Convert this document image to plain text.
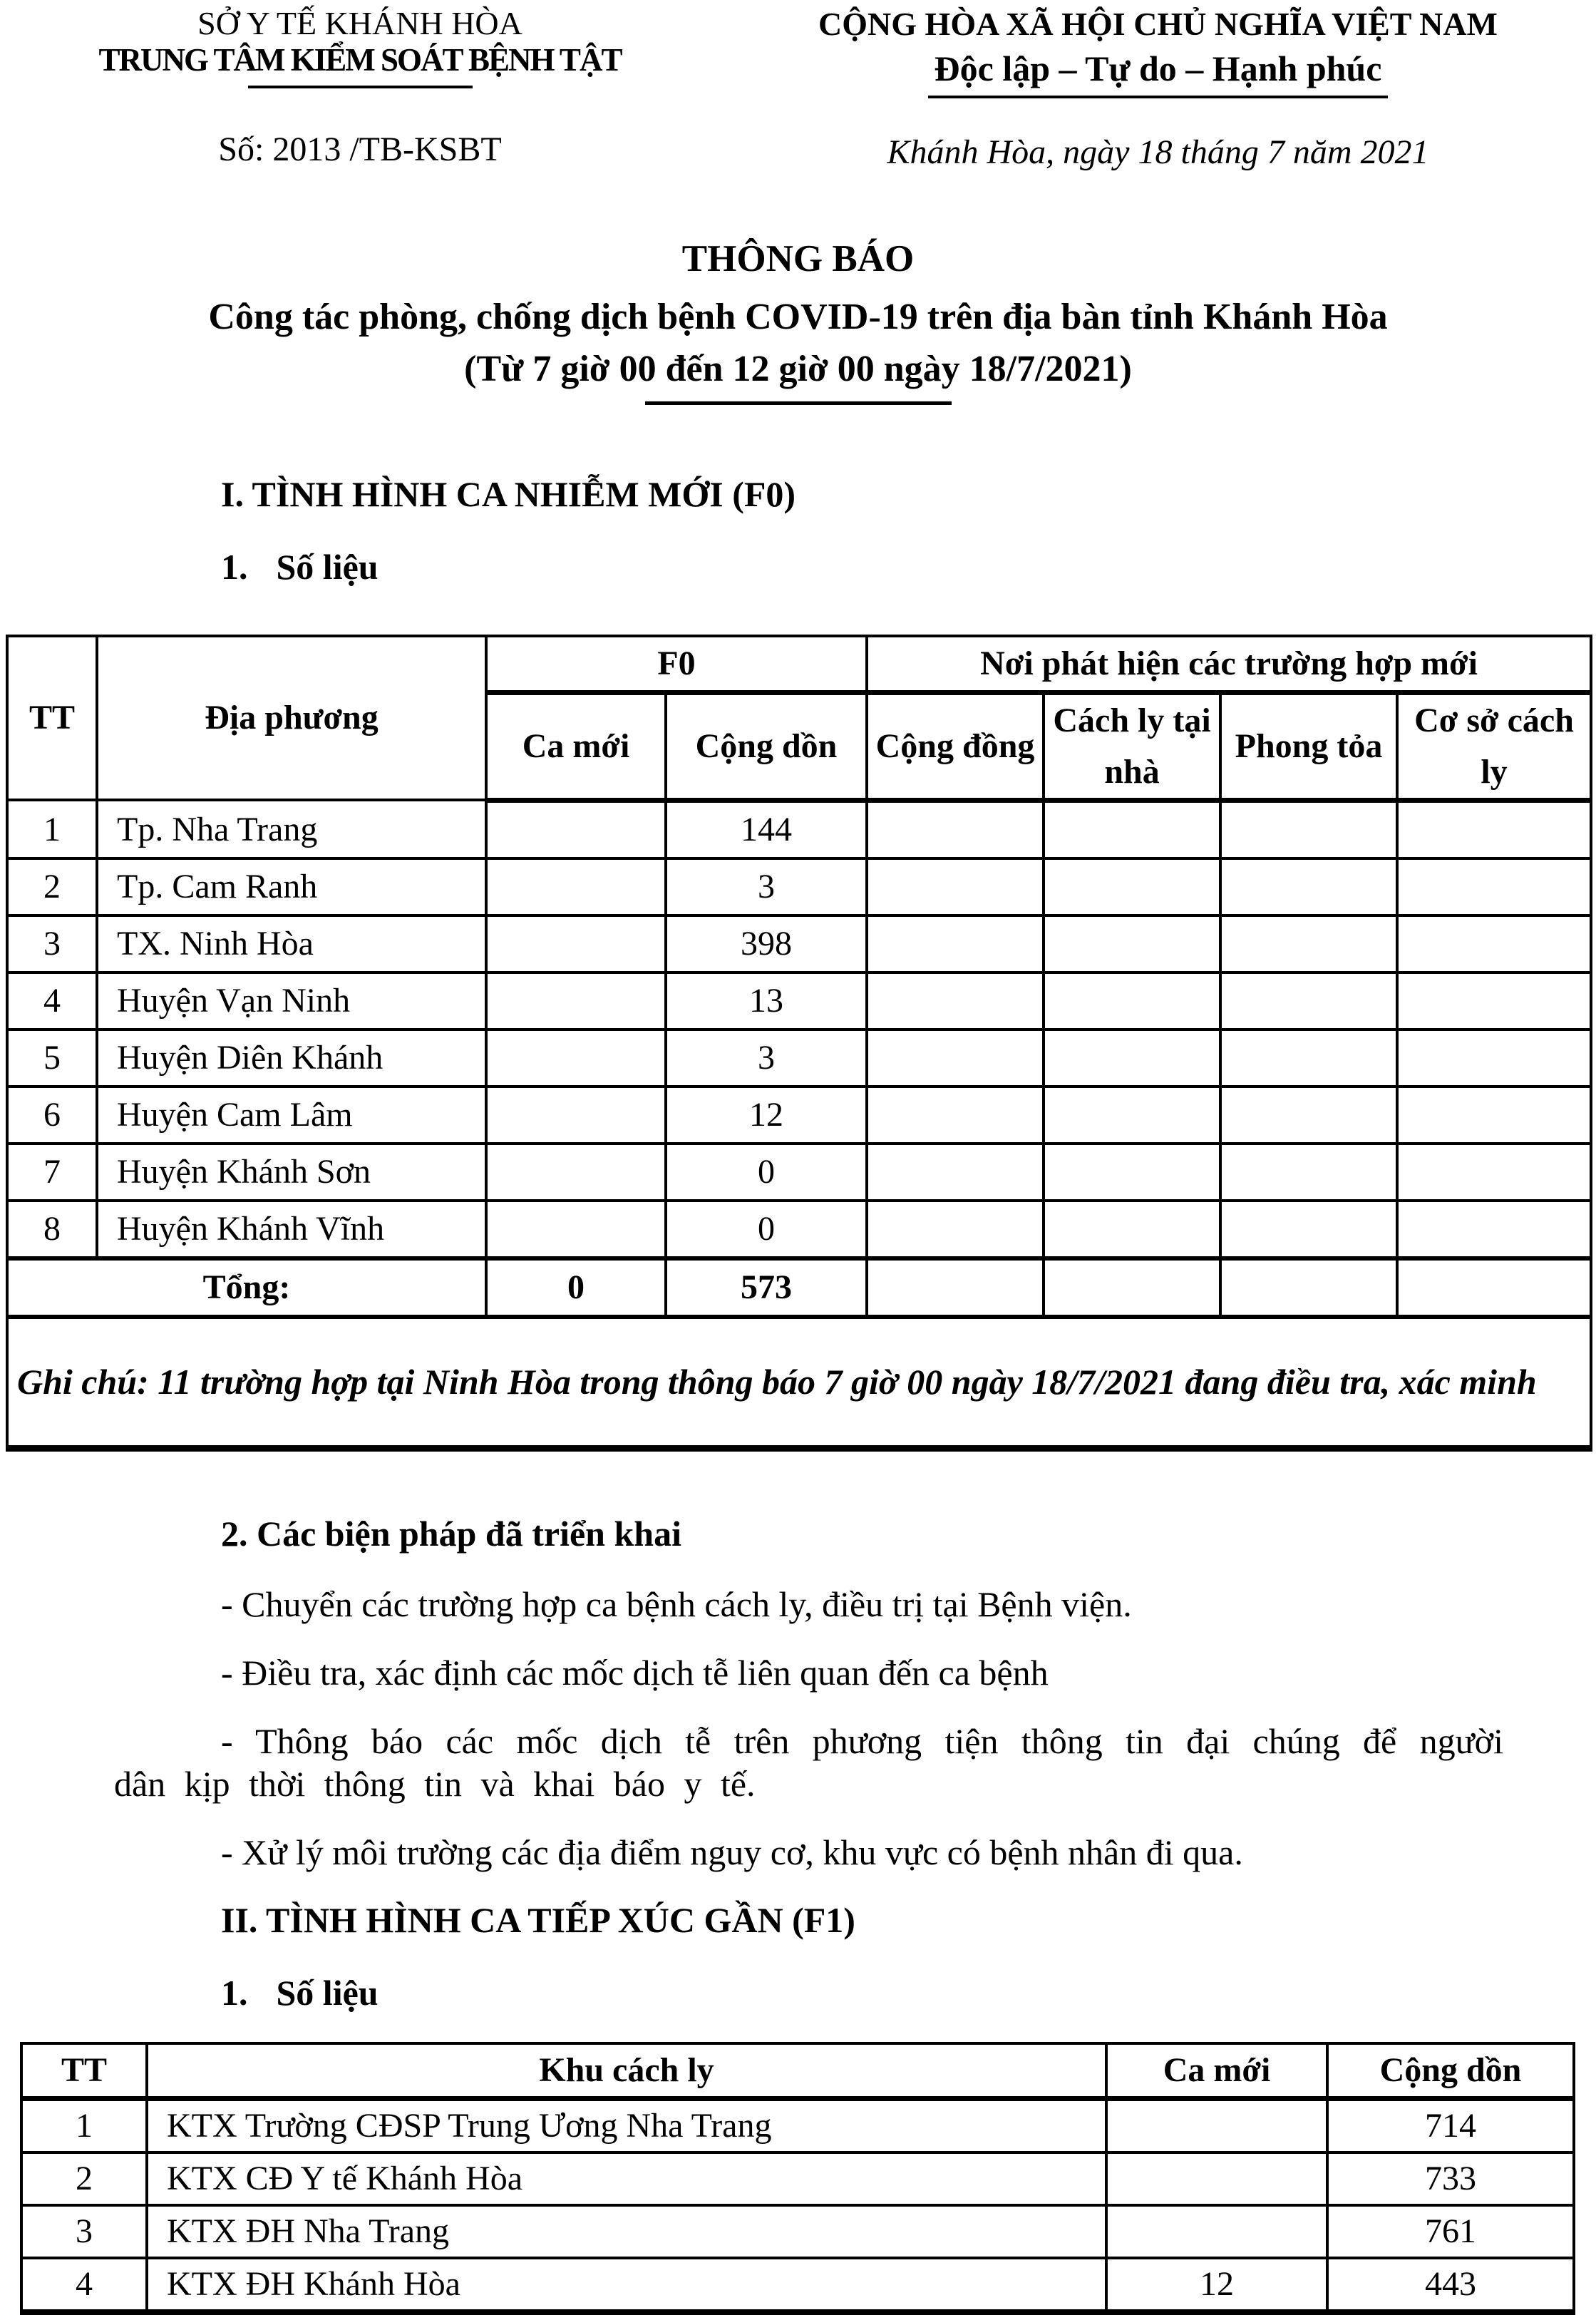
SỞ Y TẾ KHÁNH HÒA
TRUNG TÂM KIỂM SOÁT BỆNH TẬT
Số: 2013 /TB-KSBT
CỘNG HÒA XÃ HỘI CHỦ NGHĨA VIỆT NAM
Độc lập – Tự do – Hạnh phúc
Khánh Hòa, ngày 18 tháng 7 năm 2021
THÔNG BÁO
Công tác phòng, chống dịch bệnh COVID-19 trên địa bàn tỉnh Khánh Hòa
(Từ 7 giờ 00 đến 12 giờ 00 ngày 18/7/2021)
I. TÌNH HÌNH CA NHIỄM MỚI (F0)
1. Số liệu
TT	Địa phương	F0		Nơi phát hiện các trường hợp mới			
		Ca mới	Cộng dồn	Cộng đồng	Cách ly tại nhà	Phong tỏa	Cơ sở cách ly
1	Tp. Nha Trang		144				
2	Tp. Cam Ranh		3				
3	TX. Ninh Hòa		398				
4	Huyện Vạn Ninh		13				
5	Huyện Diên Khánh		3				
6	Huyện Cam Lâm		12				
7	Huyện Khánh Sơn		0				
8	Huyện Khánh Vĩnh		0				
Tổng:		0	573				
Ghi chú: 11 trường hợp tại Ninh Hòa trong thông báo 7 giờ 00 ngày 18/7/2021 đang điều tra, xác minh							
2. Các biện pháp đã triển khai

- Chuyển các trường hợp ca bệnh cách ly, điều trị tại Bệnh viện.

- Điều tra, xác định các mốc dịch tễ liên quan đến ca bệnh

- Thông báo các mốc dịch tễ trên phương tiện thông tin đại chúng để người dân kịp thời thông tin và khai báo y tế.

- Xử lý môi trường các địa điểm nguy cơ, khu vực có bệnh nhân đi qua.

II. TÌNH HÌNH CA TIẾP XÚC GẦN (F1)
1. Số liệu
TT	Khu cách ly	Ca mới	Cộng dồn
1	KTX Trường CĐSP Trung Ương Nha Trang		714
2	KTX CĐ Y tế Khánh Hòa		733
3	KTX ĐH Nha Trang		761
4	KTX ĐH Khánh Hòa	12	443
